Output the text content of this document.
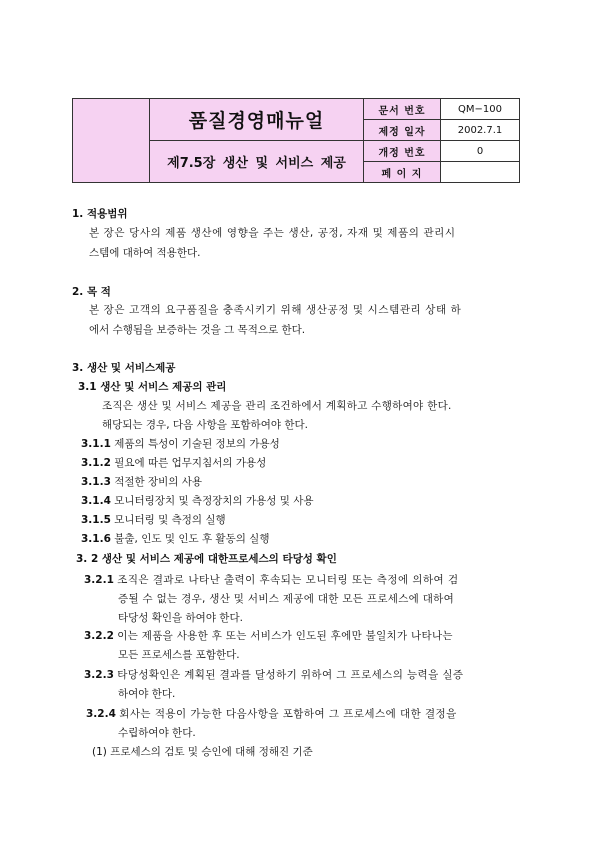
	품질경영매뉴얼	문서 번호	QM−100
		제정 일자	2002.7.1
	제7.5장 생산 및 서비스 제공	개정 번호	0
		페 이 지	
1. 적용범위
본 장은 당사의 제품 생산에 영향을 주는 생산, 공정, 자재 및 제품의 관리시
스템에 대하여 적용한다.
2. 목 적
본 장은 고객의 요구품질을 충족시키기 위해 생산공정 및 시스템관리 상태 하
에서 수행됨을 보증하는 것을 그 목적으로 한다.
3. 생산 및 서비스제공
3.1 생산 및 서비스 제공의 관리
조직은 생산 및 서비스 제공을 관리 조건하에서 계획하고 수행하여야 한다.
해당되는 경우, 다음 사항을 포함하여야 한다.
3.1.1 제품의 특성이 기술된 정보의 가용성
3.1.2 필요에 따른 업무지침서의 가용성
3.1.3 적절한 장비의 사용
3.1.4 모니터링장치 및 측정장치의 가용성 및 사용
3.1.5 모니터링 및 측정의 실행
3.1.6 불출, 인도 및 인도 후 활동의 실행
3. 2 생산 및 서비스 제공에 대한프로세스의 타당성 확인
3.2.1 조직은 결과로 나타난 출력이 후속되는 모니터링 또는 측정에 의하여 검
증될 수 없는 경우, 생산 및 서비스 제공에 대한 모든 프로세스에 대하여
타당성 확인을 하여야 한다.
3.2.2 이는 제품을 사용한 후 또는 서비스가 인도된 후에만 불일치가 나타나는
모든 프로세스를 포함한다.
3.2.3 타당성확인은 계획된 결과를 달성하기 위하여 그 프로세스의 능력을 실증
하여야 한다.
3.2.4 회사는 적용이 가능한 다음사항을 포함하여 그 프로세스에 대한 결정을
수립하여야 한다.
(1) 프로세스의 검토 및 승인에 대해 정해진 기준
